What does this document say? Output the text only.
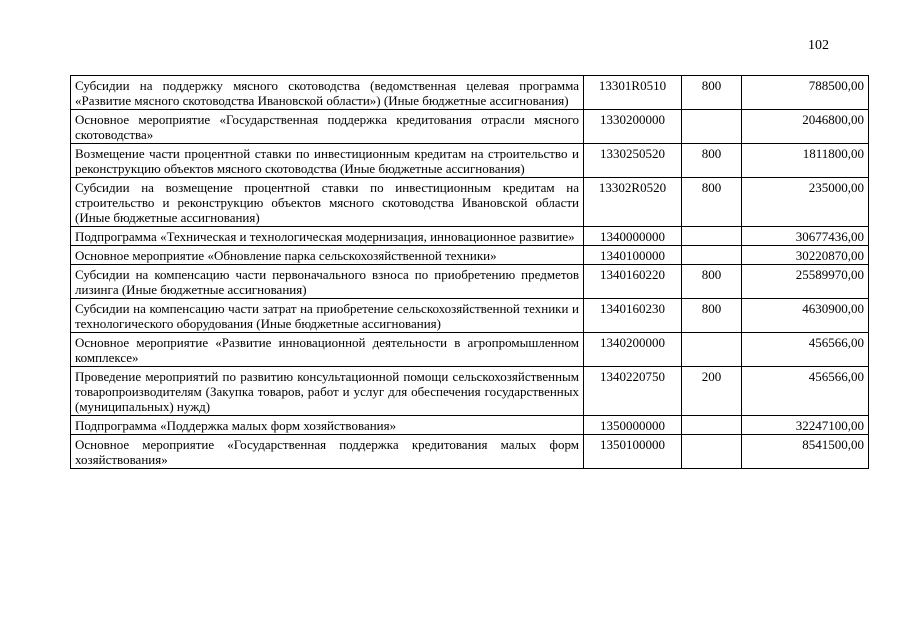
102
Субсидии на поддержку мясного скотоводства (ведомственная целевая программа «Развитие мясного скотоводства Ивановской области») (Иные бюджетные ассигнования)	13301R0510	800	788500,00
Основное мероприятие «Государственная поддержка кредитования отрасли мясного скотоводства»	1330200000		2046800,00
Возмещение части процентной ставки по инвестиционным кредитам на строительство и реконструкцию объектов мясного скотоводства (Иные бюджетные ассигнования)	1330250520	800	1811800,00
Субсидии на возмещение процентной ставки по инвестиционным кредитам на строительство и реконструкцию объектов мясного скотоводства Ивановской области (Иные бюджетные ассигнования)	13302R0520	800	235000,00
Подпрограмма «Техническая и технологическая модернизация, инновационное развитие»	1340000000		30677436,00
Основное мероприятие «Обновление парка сельскохозяйственной техники»	1340100000		30220870,00
Субсидии на компенсацию части первоначального взноса по приобретению предметов лизинга (Иные бюджетные ассигнования)	1340160220	800	25589970,00
Субсидии на компенсацию части затрат на приобретение сельскохозяйственной техники и технологического оборудования (Иные бюджетные ассигнования)	1340160230	800	4630900,00
Основное мероприятие «Развитие инновационной деятельности в агропромышленном комплексе»	1340200000		456566,00
Проведение мероприятий по развитию консультационной помощи сельскохозяйственным товаропроизводителям (Закупка товаров, работ и услуг для обеспечения государственных (муниципальных) нужд)	1340220750	200	456566,00
Подпрограмма «Поддержка малых форм хозяйствования»	1350000000		32247100,00
Основное мероприятие «Государственная поддержка кредитования малых форм хозяйствования»	1350100000		8541500,00
